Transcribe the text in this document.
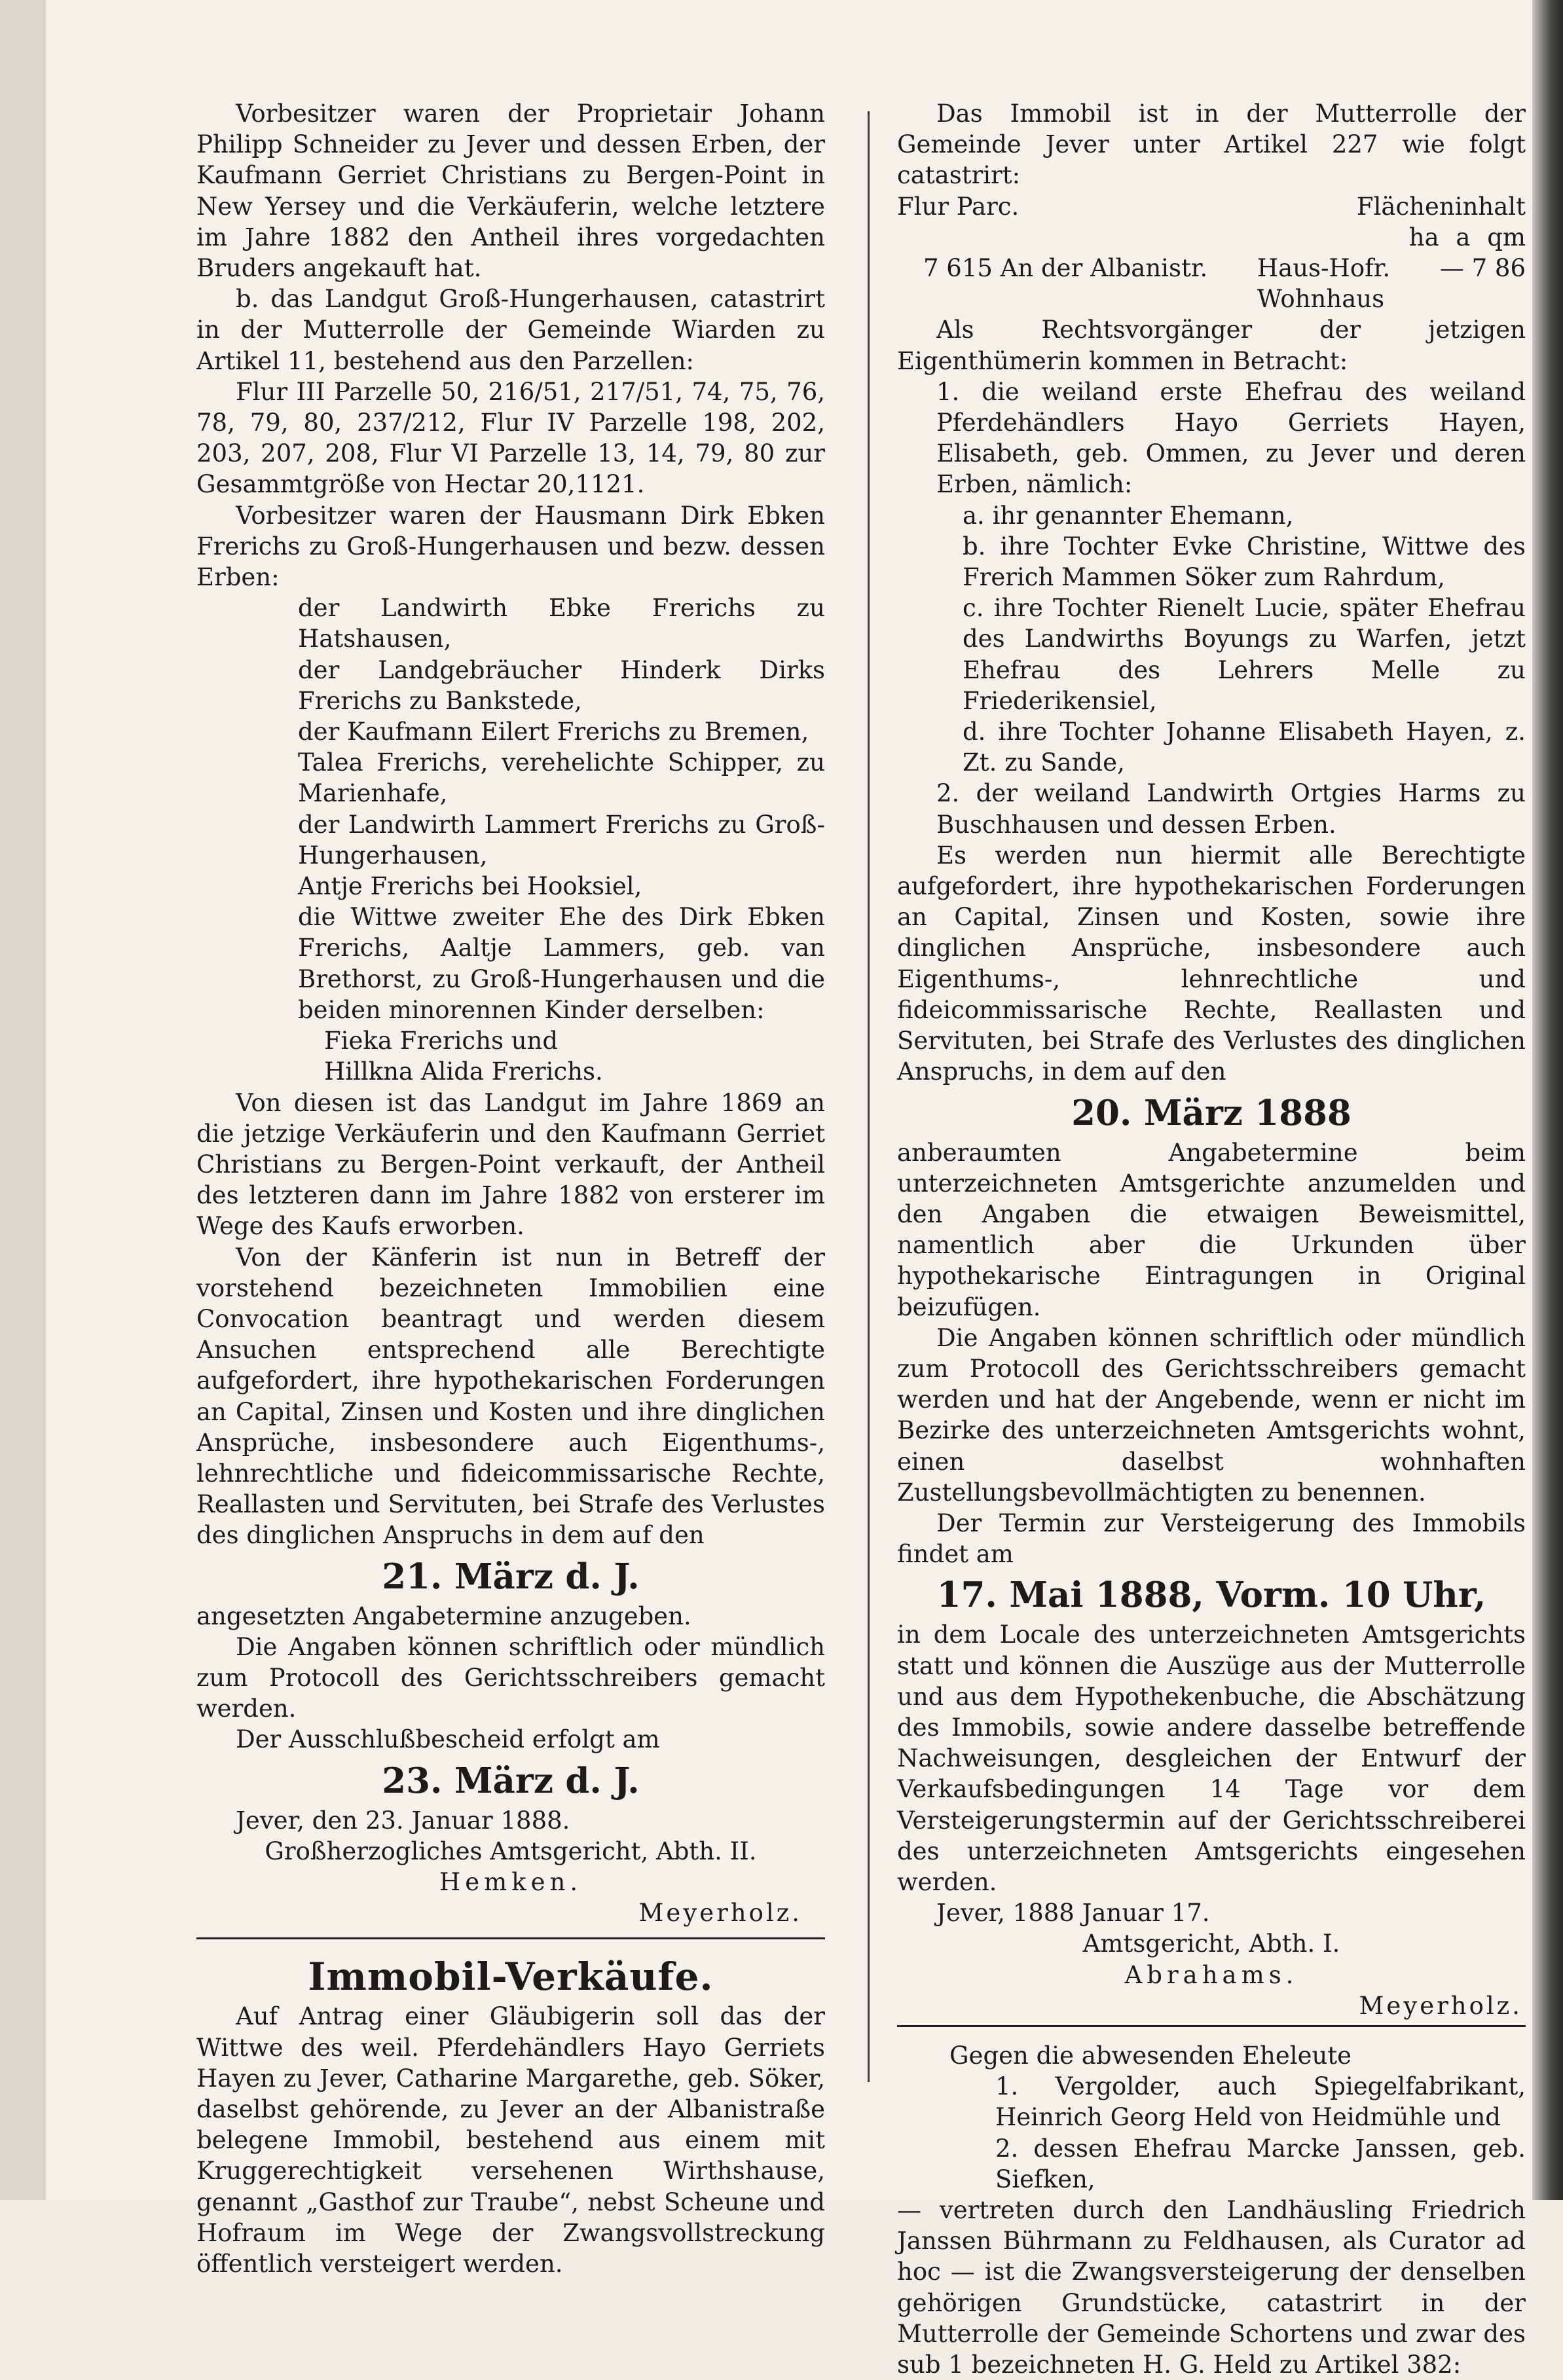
Vorbesitzer waren der Proprietair Johann Philipp Schneider zu Jever und dessen Erben, der Kaufmann Gerriet Christians zu Bergen-Point in New Yersey und die Verkäuferin, welche letztere im Jahre 1882 den Antheil ihres vorgedachten Bruders angekauft hat.

b. das Landgut Groß-Hungerhausen, catastrirt in der Mutterrolle der Gemeinde Wiarden zu Artikel 11, bestehend aus den Parzellen:

Flur III Parzelle 50, 216/51, 217/51, 74, 75, 76, 78, 79, 80, 237/212, Flur IV Parzelle 198, 202, 203, 207, 208, Flur VI Parzelle 13, 14, 79, 80 zur Gesammtgröße von Hectar 20,1121.

Vorbesitzer waren der Hausmann Dirk Ebken Frerichs zu Groß-Hungerhausen und bezw. dessen Erben:

der Landwirth Ebke Frerichs zu Hatshausen,

der Landgebräucher Hinderk Dirks Frerichs zu Bankstede,

der Kaufmann Eilert Frerichs zu Bremen,

Talea Frerichs, verehelichte Schipper, zu Marienhafe,

der Landwirth Lammert Frerichs zu Groß-Hungerhausen,

Antje Frerichs bei Hooksiel,

die Wittwe zweiter Ehe des Dirk Ebken Frerichs, Aaltje Lammers, geb. van Brethorst, zu Groß-Hungerhausen und die beiden minorennen Kinder derselben:

Fieka Frerichs und

Hillkna Alida Frerichs.

Von diesen ist das Landgut im Jahre 1869 an die jetzige Verkäuferin und den Kaufmann Gerriet Christians zu Bergen-Point verkauft, der Antheil des letzteren dann im Jahre 1882 von ersterer im Wege des Kaufs erworben.

Von der Känferin ist nun in Betreff der vorstehend bezeichneten Immobilien eine Convocation beantragt und werden diesem Ansuchen entsprechend alle Berechtigte aufgefordert, ihre hypothekarischen Forderungen an Capital, Zinsen und Kosten und ihre dinglichen Ansprüche, insbesondere auch Eigenthums-, lehnrechtliche und fideicommissarische Rechte, Reallasten und Servituten, bei Strafe des Verlustes des dinglichen Anspruchs in dem auf den

21. März d. J.

angesetzten Angabetermine anzugeben.

Die Angaben können schriftlich oder mündlich zum Protocoll des Gerichtsschreibers gemacht werden.

Der Ausschlußbescheid erfolgt am

23. März d. J.

Jever, den 23. Januar 1888.

Großherzogliches Amtsgericht, Abth. II.

Hemken.

Meyerholz.

Immobil-Verkäufe.

Auf Antrag einer Gläubigerin soll das der Wittwe des weil. Pferdehändlers Hayo Gerriets Hayen zu Jever, Catharine Margarethe, geb. Söker, daselbst gehörende, zu Jever an der Albanistraße belegene Immobil, bestehend aus einem mit Kruggerechtigkeit versehenen Wirthshause, genannt „Gasthof zur Traube“, nebst Scheune und Hofraum im Wege der Zwangsvollstreckung öffentlich versteigert werden.

Das Immobil ist in der Mutterrolle der Gemeinde Jever unter Artikel 227 wie folgt catastrirt:

Flur Parc.	Flächeninhalt
ha a qm
7 615 An der Albanistr. Haus-Hofr.
Wohnhaus
— 7 86

Als Rechtsvorgänger der jetzigen Eigenthümerin kommen in Betracht:

1. die weiland erste Ehefrau des weiland Pferdehändlers Hayo Gerriets Hayen, Elisabeth, geb. Ommen, zu Jever und deren Erben, nämlich:

a. ihr genannter Ehemann,

b. ihre Tochter Evke Christine, Wittwe des Frerich Mammen Söker zum Rahrdum,

c. ihre Tochter Rienelt Lucie, später Ehefrau des Landwirths Boyungs zu Warfen, jetzt Ehefrau des Lehrers Melle zu Friederikensiel,

d. ihre Tochter Johanne Elisabeth Hayen, z. Zt. zu Sande,

2. der weiland Landwirth Ortgies Harms zu Buschhausen und dessen Erben.

Es werden nun hiermit alle Berechtigte aufgefordert, ihre hypothekarischen Forderungen an Capital, Zinsen und Kosten, sowie ihre dinglichen Ansprüche, insbesondere auch Eigenthums-, lehnrechtliche und fideicommissarische Rechte, Reallasten und Servituten, bei Strafe des Verlustes des dinglichen Anspruchs, in dem auf den

20. März 1888

anberaumten Angabetermine beim unterzeichneten Amtsgerichte anzumelden und den Angaben die etwaigen Beweismittel, namentlich aber die Urkunden über hypothekarische Eintragungen in Original beizufügen.

Die Angaben können schriftlich oder mündlich zum Protocoll des Gerichtsschreibers gemacht werden und hat der Angebende, wenn er nicht im Bezirke des unterzeichneten Amtsgerichts wohnt, einen daselbst wohnhaften Zustellungsbevollmächtigten zu benennen.

Der Termin zur Versteigerung des Immobils findet am

17. Mai 1888, Vorm. 10 Uhr,

in dem Locale des unterzeichneten Amtsgerichts statt und können die Auszüge aus der Mutterrolle und aus dem Hypothekenbuche, die Abschätzung des Immobils, sowie andere dasselbe betreffende Nachweisungen, desgleichen der Entwurf der Verkaufsbedingungen 14 Tage vor dem Versteigerungstermin auf der Gerichtsschreiberei des unterzeichneten Amtsgerichts eingesehen werden.

Jever, 1888 Januar 17.

Amtsgericht, Abth. I.

Abrahams.

Meyerholz.

Gegen die abwesenden Eheleute

1. Vergolder, auch Spiegelfabrikant, Heinrich Georg Held von Heidmühle und

2. dessen Ehefrau Marcke Janssen, geb. Siefken,

— vertreten durch den Landhäusling Friedrich Janssen Bührmann zu Feldhausen, als Curator ad hoc — ist die Zwangsversteigerung der denselben gehörigen Grundstücke, catastrirt in der Mutterrolle der Gemeinde Schortens und zwar des sub 1 bezeichneten H. G. Held zu Artikel 382:
